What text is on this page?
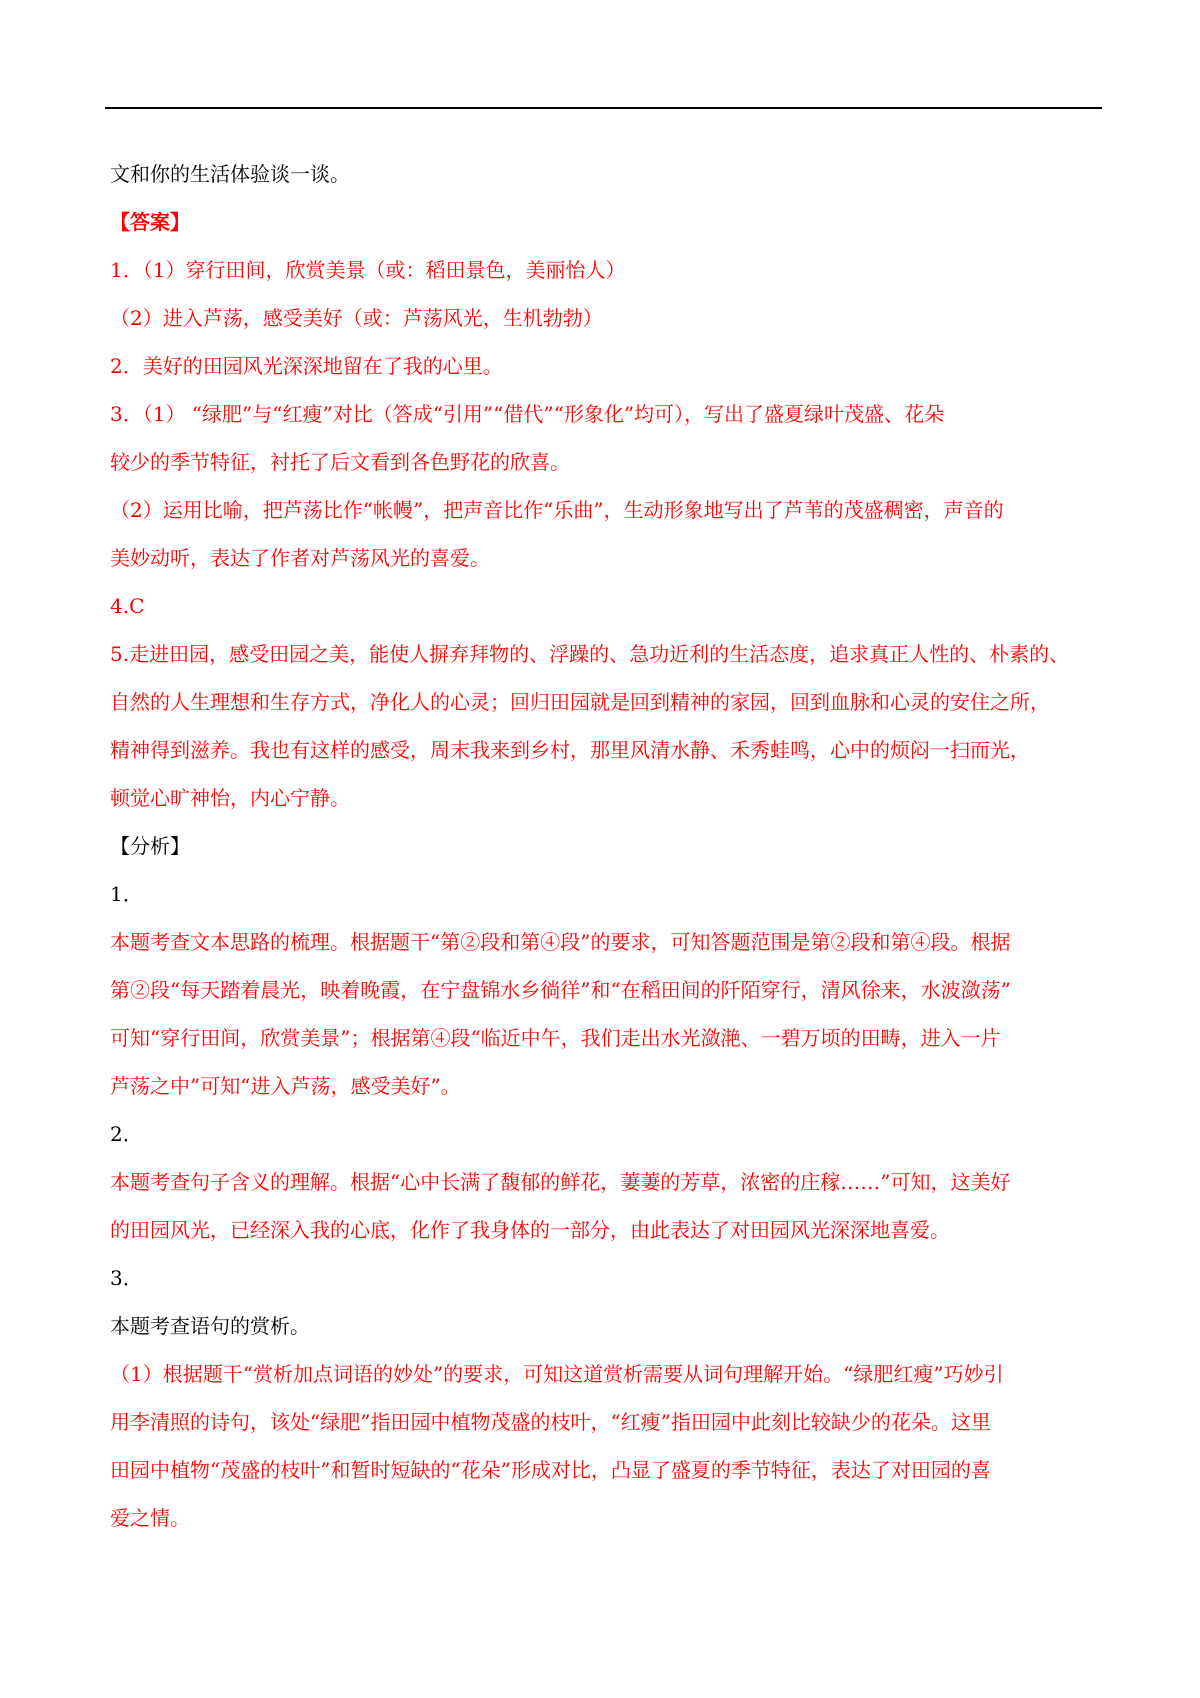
文和你的生活体验谈一谈。
【答案】
1．（1）穿行田间，欣赏美景（或：稻田景色，美丽怡人）
（2）进入芦荡，感受美好（或：芦荡风光，生机勃勃）
2．美好的田园风光深深地留在了我的心里。
3．（1） “绿肥”与“红瘦”对比（答成“引用”“借代”“形象化”均可），写出了盛夏绿叶茂盛、花朵
较少的季节特征，衬托了后文看到各色野花的欣喜。
（2）运用比喻，把芦荡比作“帐幔”，把声音比作“乐曲”，生动形象地写出了芦苇的茂盛稠密，声音的
美妙动听，表达了作者对芦荡风光的喜爱。
4.C
5.走进田园，感受田园之美，能使人摒弃拜物的、浮躁的、急功近利的生活态度，追求真正人性的、朴素的、
自然的人生理想和生存方式，净化人的心灵；回归田园就是回到精神的家园，回到血脉和心灵的安住之所，
精神得到滋养。我也有这样的感受，周末我来到乡村，那里风清水静、禾秀蛙鸣，心中的烦闷一扫而光，
顿觉心旷神怡，内心宁静。
【分析】
1．
本题考查文本思路的梳理。根据题干“第②段和第④段”的要求，可知答题范围是第②段和第④段。根据
第②段“每天踏着晨光，映着晚霞，在宁盘锦水乡徜徉”和“在稻田间的阡陌穿行，清风徐来，水波潋荡”
可知“穿行田间，欣赏美景”；根据第④段“临近中午，我们走出水光潋滟、一碧万顷的田畴，进入一片
芦荡之中”可知“进入芦荡，感受美好”。
2．
本题考查句子含义的理解。根据“心中长满了馥郁的鲜花，萋萋的芳草，浓密的庄稼……”可知，这美好
的田园风光，已经深入我的心底，化作了我身体的一部分，由此表达了对田园风光深深地喜爱。
3．
本题考查语句的赏析。
（1）根据题干“赏析加点词语的妙处”的要求，可知这道赏析需要从词句理解开始。“绿肥红瘦”巧妙引
用李清照的诗句，该处“绿肥”指田园中植物茂盛的枝叶，“红瘦”指田园中此刻比较缺少的花朵。这里
田园中植物“茂盛的枝叶”和暂时短缺的“花朵”形成对比，凸显了盛夏的季节特征，表达了对田园的喜
爱之情。
